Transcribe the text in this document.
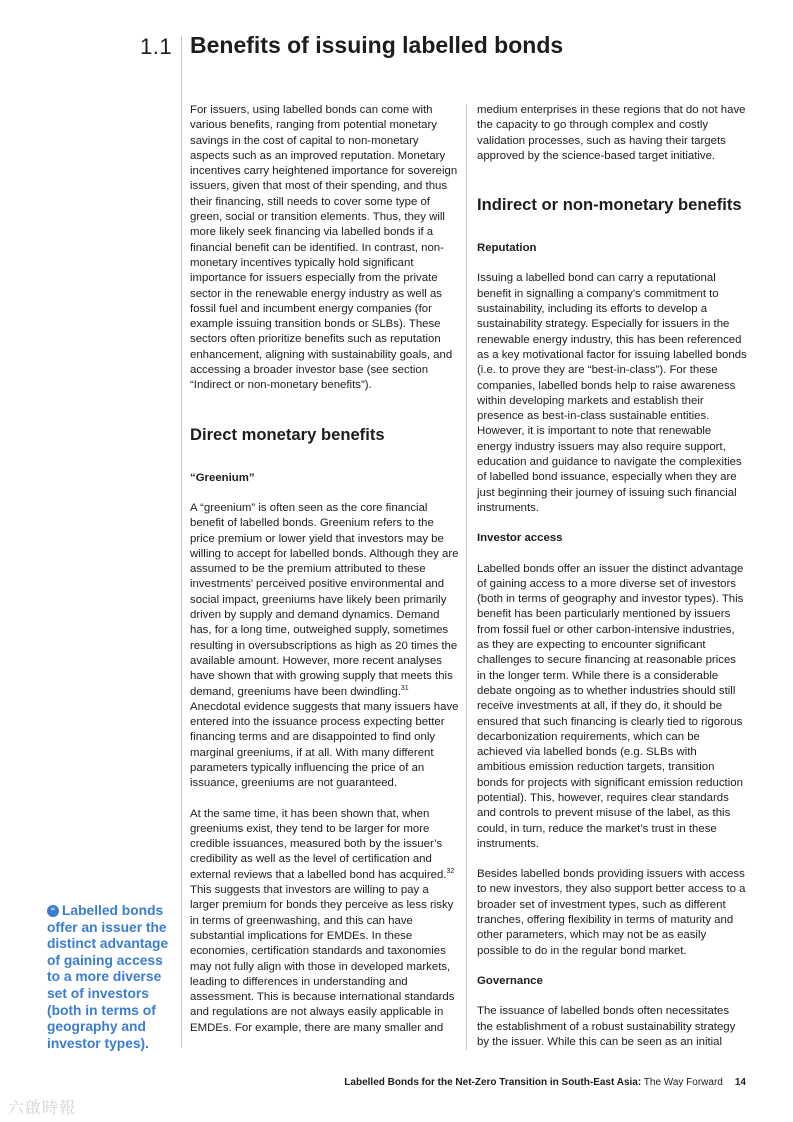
1.1 Benefits of issuing labelled bonds

For issuers, using labelled bonds can come with various benefits, ranging from potential monetary savings in the cost of capital to non-monetary aspects such as an improved reputation. Monetary incentives carry heightened importance for sovereign issuers, given that most of their spending, and thus their financing, still needs to cover some type of green, social or transition elements. Thus, they will more likely seek financing via labelled bonds if a financial benefit can be identified. In contrast, non-monetary incentives typically hold significant importance for issuers especially from the private sector in the renewable energy industry as well as fossil fuel and incumbent energy companies (for example issuing transition bonds or SLBs). These sectors often prioritize benefits such as reputation enhancement, aligning with sustainability goals, and accessing a broader investor base (see section “Indirect or non-monetary benefits”).

Direct monetary benefits
“Greenium”

A “greenium” is often seen as the core financial benefit of labelled bonds. Greenium refers to the price premium or lower yield that investors may be willing to accept for labelled bonds. Although they are assumed to be the premium attributed to these investments’ perceived positive environmental and social impact, greeniums have likely been primarily driven by supply and demand dynamics. Demand has, for a long time, outweighed supply, sometimes resulting in oversubscriptions as high as 20 times the available amount. However, more recent analyses have shown that with growing supply that meets this demand, greeniums have been dwindling.$^{31}$ Anecdotal evidence suggests that many issuers have entered into the issuance process expecting better financing terms and are disappointed to find only marginal greeniums, if at all. With many different parameters typically influencing the price of an issuance, greeniums are not guaranteed.

At the same time, it has been shown that, when greeniums exist, they tend to be larger for more credible issuances, measured both by the issuer’s credibility as well as the level of certification and external reviews that a labelled bond has acquired.$^{32}$ This suggests that investors are willing to pay a larger premium for bonds they perceive as less risky in terms of greenwashing, and this can have substantial implications for EMDEs. In these economies, certification standards and taxonomies may not fully align with those in developed markets, leading to differences in understanding and assessment. This is because international standards and regulations are not always easily applicable in EMDEs. For example, there are many smaller and

medium enterprises in these regions that do not have the capacity to go through complex and costly validation processes, such as having their targets approved by the science-based target initiative.

Indirect or non-monetary benefits
Reputation

Issuing a labelled bond can carry a reputational benefit in signalling a company’s commitment to sustainability, including its efforts to develop a sustainability strategy. Especially for issuers in the renewable energy industry, this has been referenced as a key motivational factor for issuing labelled bonds (i.e. to prove they are “best-in-class”). For these companies, labelled bonds help to raise awareness within developing markets and establish their presence as best-in-class sustainable entities. However, it is important to note that renewable energy industry issuers may also require support, education and guidance to navigate the complexities of labelled bond issuance, especially when they are just beginning their journey of issuing such financial instruments.

Investor access

Labelled bonds offer an issuer the distinct advantage of gaining access to a more diverse set of investors (both in terms of geography and investor types). This benefit has been particularly mentioned by issuers from fossil fuel or other carbon-intensive industries, as they are expecting to encounter significant challenges to secure financing at reasonable prices in the longer term. While there is a considerable debate ongoing as to whether industries should still receive investments at all, if they do, it should be ensured that such financing is clearly tied to rigorous decarbonization requirements, which can be achieved via labelled bonds (e.g. SLBs with ambitious emission reduction targets, transition bonds for projects with significant emission reduction potential). This, however, requires clear standards and controls to prevent misuse of the label, as this could, in turn, reduce the market’s trust in these instruments.

Besides labelled bonds providing issuers with access to new investors, they also support better access to a broader set of investment types, such as different tranches, offering flexibility in terms of maturity and other parameters, which may not be as easily possible to do in the regular bond market.

Governance

The issuance of labelled bonds often necessitates the establishment of a robust sustainability strategy by the issuer. While this can be seen as an initial

“ Labelled bonds offer an issuer the distinct advantage of gaining access to a more diverse set of investors (both in terms of geography and investor types).
Labelled Bonds for the Net-Zero Transition in South-East Asia: The Way Forward 14
六啟時報
